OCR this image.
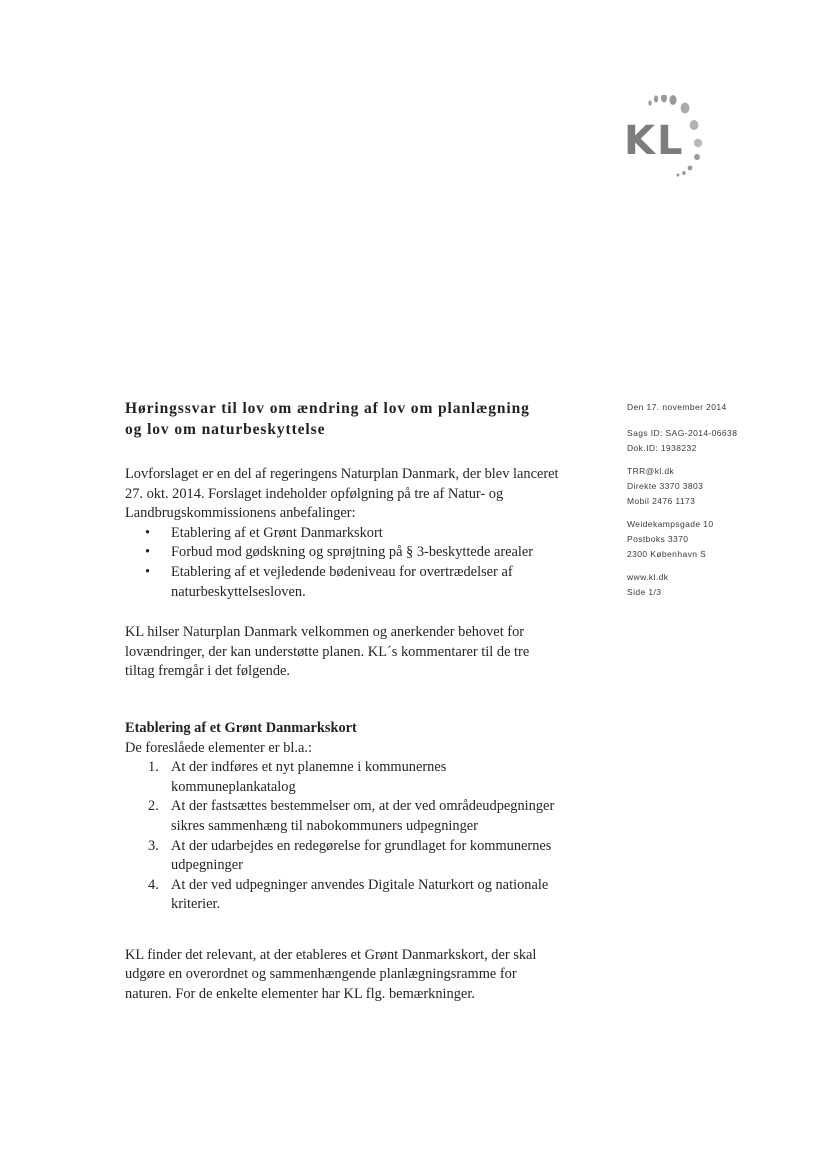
KL
Den 17. november 2014
Sags ID: SAG-2014-06638
Dok.ID: 1938232
TRR@kl.dk
Direkte 3370 3803
Mobil 2476 1173
Weidekampsgade 10
Postboks 3370
2300 København S
www.kl.dk
Side 1/3
Høringssvar til lov om ændring af lov om planlægning
og lov om naturbeskyttelse

Lovforslaget er en del af regeringens Naturplan Danmark, der blev lanceret

27. okt. 2014. Forslaget indeholder opfølgning på tre af Natur- og

Landbrugskommissionens anbefalinger:

• Etablering af et Grønt Danmarkskort
• Forbud mod gødskning og sprøjtning på § 3-beskyttede arealer
• Etablering af et vejledende bødeniveau for overtrædelser af
naturbeskyttelsesloven.

KL hilser Naturplan Danmark velkommen og anerkender behovet for

lovændringer, der kan understøtte planen. KL´s kommentarer til de tre

tiltag fremgår i det følgende.

Etablering af et Grønt Danmarkskort

De foreslåede elementer er bl.a.:

1. At der indføres et nyt planemne i kommunernes
kommuneplankatalog
2. At der fastsættes bestemmelser om, at der ved områdeudpegninger
sikres sammenhæng til nabokommuners udpegninger
3. At der udarbejdes en redegørelse for grundlaget for kommunernes
udpegninger
4. At der ved udpegninger anvendes Digitale Naturkort og nationale
kriterier.

KL finder det relevant, at der etableres et Grønt Danmarkskort, der skal

udgøre en overordnet og sammenhængende planlægningsramme for

naturen. For de enkelte elementer har KL flg. bemærkninger.
